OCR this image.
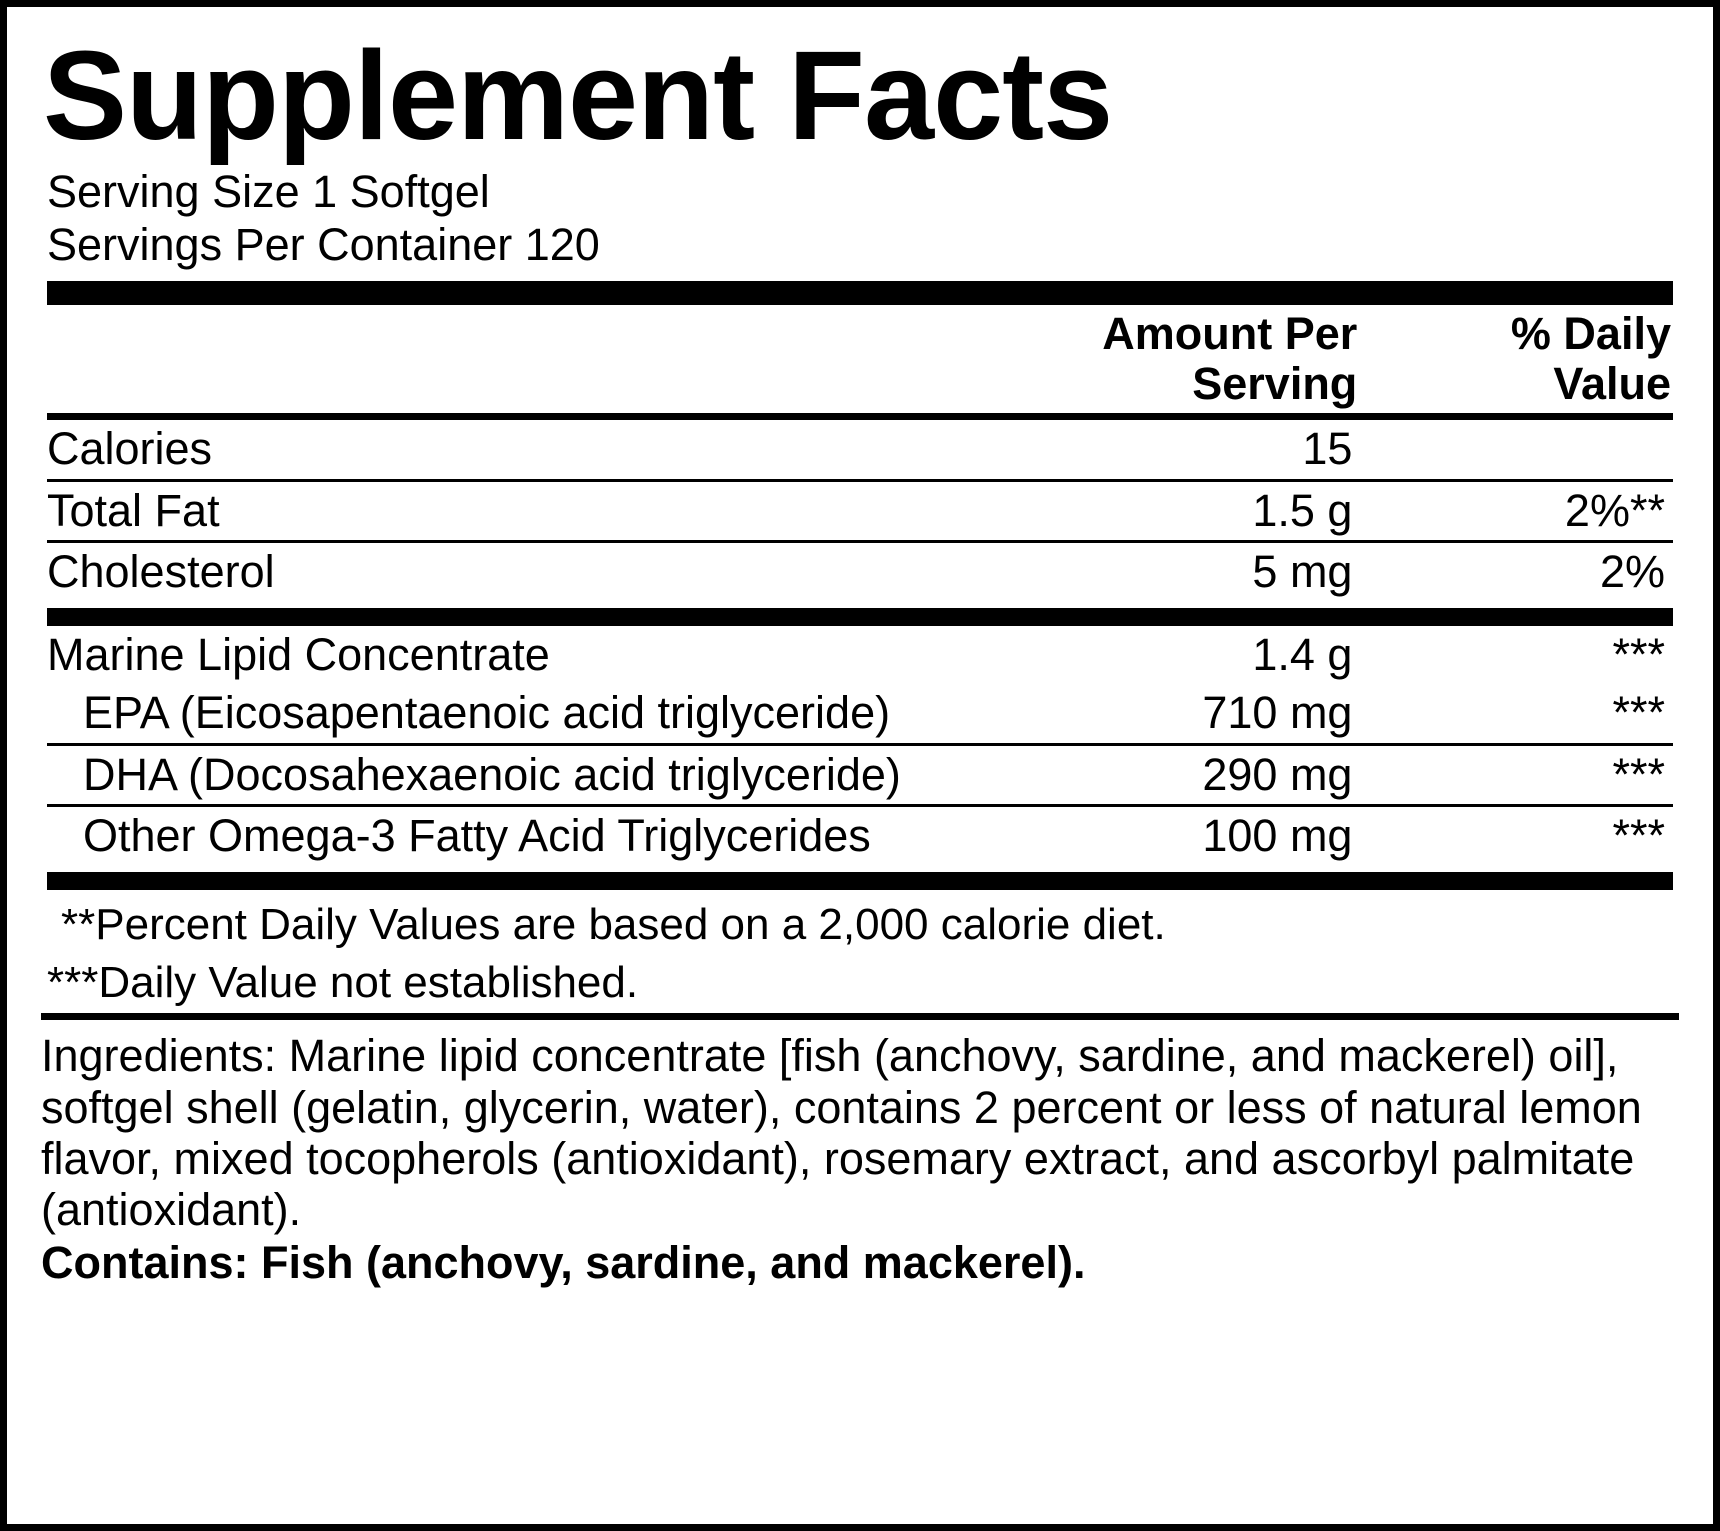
Supplement Facts
Serving Size 1 Softgel
Servings Per Container 120
	Amount Per Serving	% Daily Value
Calories	15	
Total Fat	1.5 g	2%**
Cholesterol	5 mg	2%
Marine Lipid Concentrate	1.4 g	***
EPA (Eicosapentaenoic acid triglyceride)	710 mg	***
DHA (Docosahexaenoic acid triglyceride)	290 mg	***
Other Omega-3 Fatty Acid Triglycerides	100 mg	***
**Percent Daily Values are based on a 2,000 calorie diet.
***Daily Value not established.
Ingredients: Marine lipid concentrate [fish (anchovy, sardine, and mackerel) oil], softgel shell (gelatin, glycerin, water), contains 2 percent or less of natural lemon flavor, mixed tocopherols (antioxidant), rosemary extract, and ascorbyl palmitate (antioxidant).
Contains: Fish (anchovy, sardine, and mackerel).
